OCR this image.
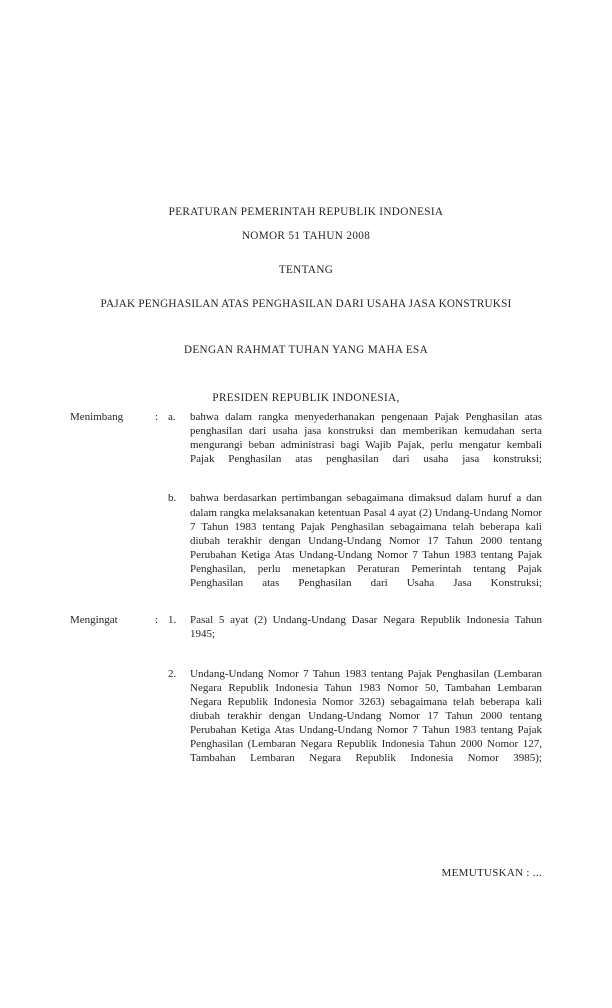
PERATURAN PEMERINTAH REPUBLIK INDONESIA
NOMOR 51 TAHUN 2008
TENTANG
PAJAK PENGHASILAN ATAS PENGHASILAN DARI USAHA JASA KONSTRUKSI
DENGAN RAHMAT TUHAN YANG MAHA ESA
PRESIDEN REPUBLIK INDONESIA,
Menimbang	: a.	bahwa dalam rangka menyederhanakan pengenaan Pajak Penghasilan atas penghasilan dari usaha jasa konstruksi dan memberikan kemudahan serta mengurangi beban administrasi bagi Wajib Pajak, perlu mengatur kembali Pajak Penghasilan atas penghasilan dari usaha jasa konstruksi;
b.	bahwa berdasarkan pertimbangan sebagaimana dimaksud dalam huruf a dan dalam rangka melaksanakan ketentuan Pasal 4 ayat (2) Undang-Undang Nomor 7 Tahun 1983 tentang Pajak Penghasilan sebagaimana telah beberapa kali diubah terakhir dengan Undang-Undang Nomor 17 Tahun 2000 tentang Perubahan Ketiga Atas Undang-Undang Nomor 7 Tahun 1983 tentang Pajak Penghasilan, perlu menetapkan Peraturan Pemerintah tentang Pajak Penghasilan atas Penghasilan dari Usaha Jasa Konstruksi;
Mengingat	: 1.	Pasal 5 ayat (2) Undang-Undang Dasar Negara Republik Indonesia Tahun 1945;
2.	Undang-Undang Nomor 7 Tahun 1983 tentang Pajak Penghasilan (Lembaran Negara Republik Indonesia Tahun 1983 Nomor 50, Tambahan Lembaran Negara Republik Indonesia Nomor 3263) sebagaimana telah beberapa kali diubah terakhir dengan Undang-Undang Nomor 17 Tahun 2000 tentang Perubahan Ketiga Atas Undang-Undang Nomor 7 Tahun 1983 tentang Pajak Penghasilan (Lembaran Negara Republik Indonesia Tahun 2000 Nomor 127, Tambahan Lembaran Negara Republik Indonesia Nomor 3985);
MEMUTUSKAN : ...
